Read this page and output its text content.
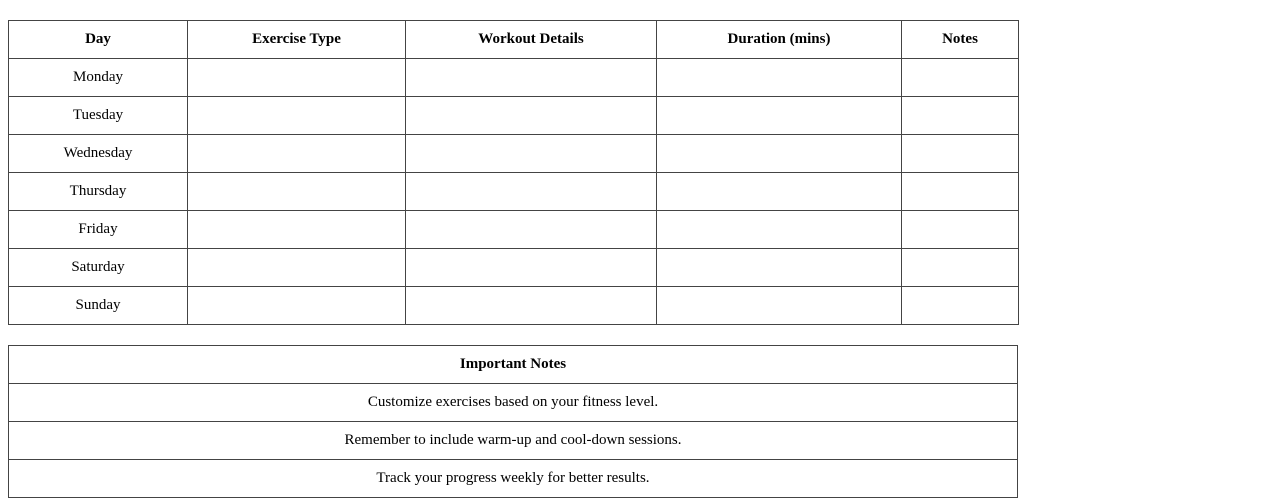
Day	Exercise Type	Workout Details	Duration (mins)	Notes
Monday				
Tuesday				
Wednesday				
Thursday				
Friday				
Saturday				
Sunday				
Important Notes
Customize exercises based on your fitness level.
Remember to include warm-up and cool-down sessions.
Track your progress weekly for better results.
